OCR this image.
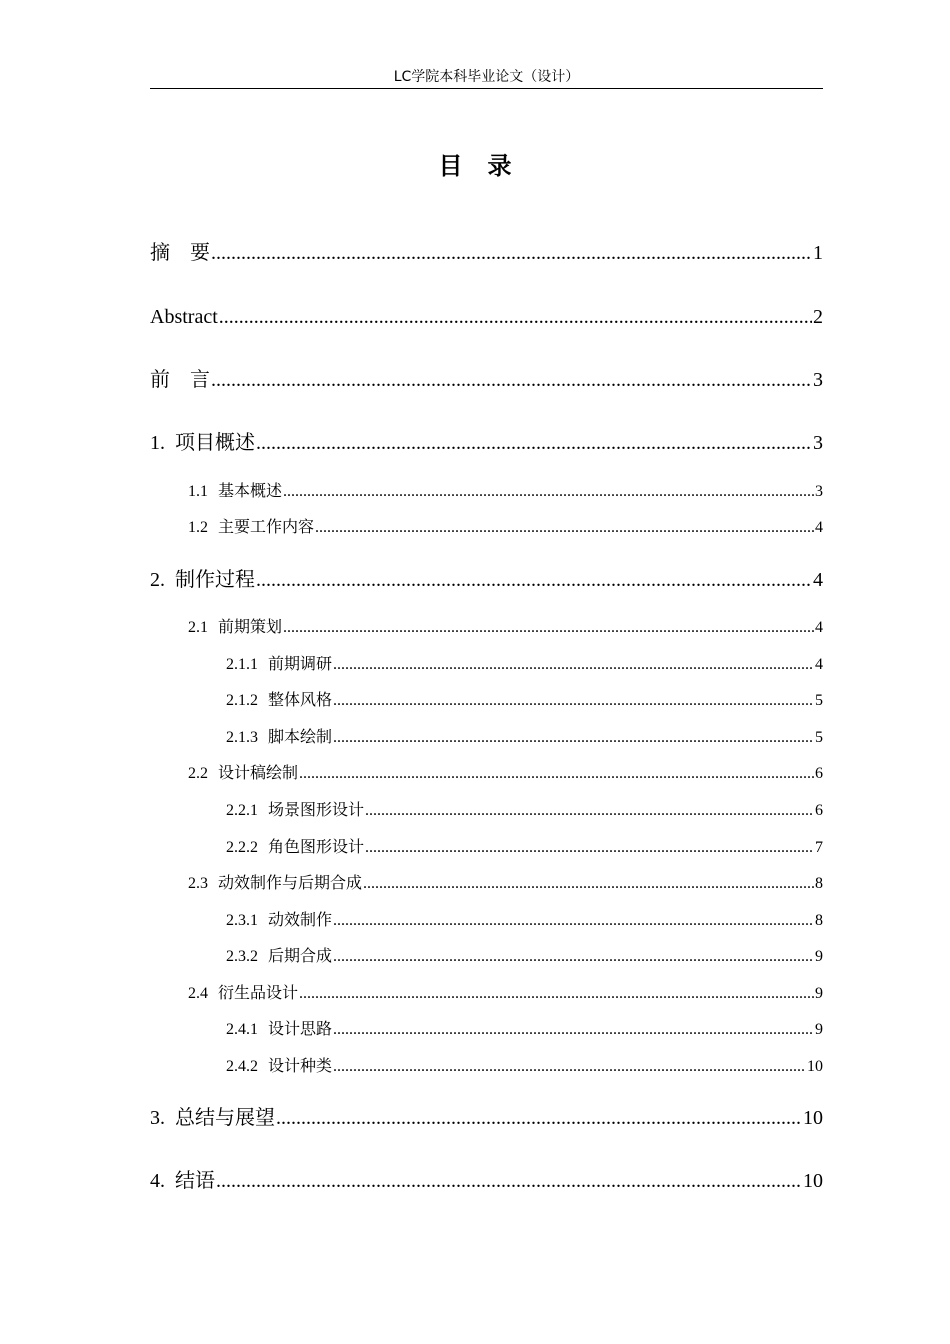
LC学院本科毕业论文（设计）
目   录
摘    要 .....	1
Abstract .....	2
前    言 .....	3
1. 项目概述 .....	3
1.1 基本概述 .....	3
1.2 主要工作内容 .....	4
2. 制作过程 .....	4
2.1 前期策划 .....	4
2.1.1 前期调研 .....	4
2.1.2 整体风格 .....	5
2.1.3 脚本绘制 .....	5
2.2 设计稿绘制 .....	6
2.2.1 场景图形设计 .....	6
2.2.2 角色图形设计 .....	7
2.3 动效制作与后期合成 .....	8
2.3.1 动效制作 .....	8
2.3.2 后期合成 .....	9
2.4 衍生品设计 .....	9
2.4.1 设计思路 .....	9
2.4.2 设计种类 .....	10
3. 总结与展望 .....	10
4. 结语 .....	10
